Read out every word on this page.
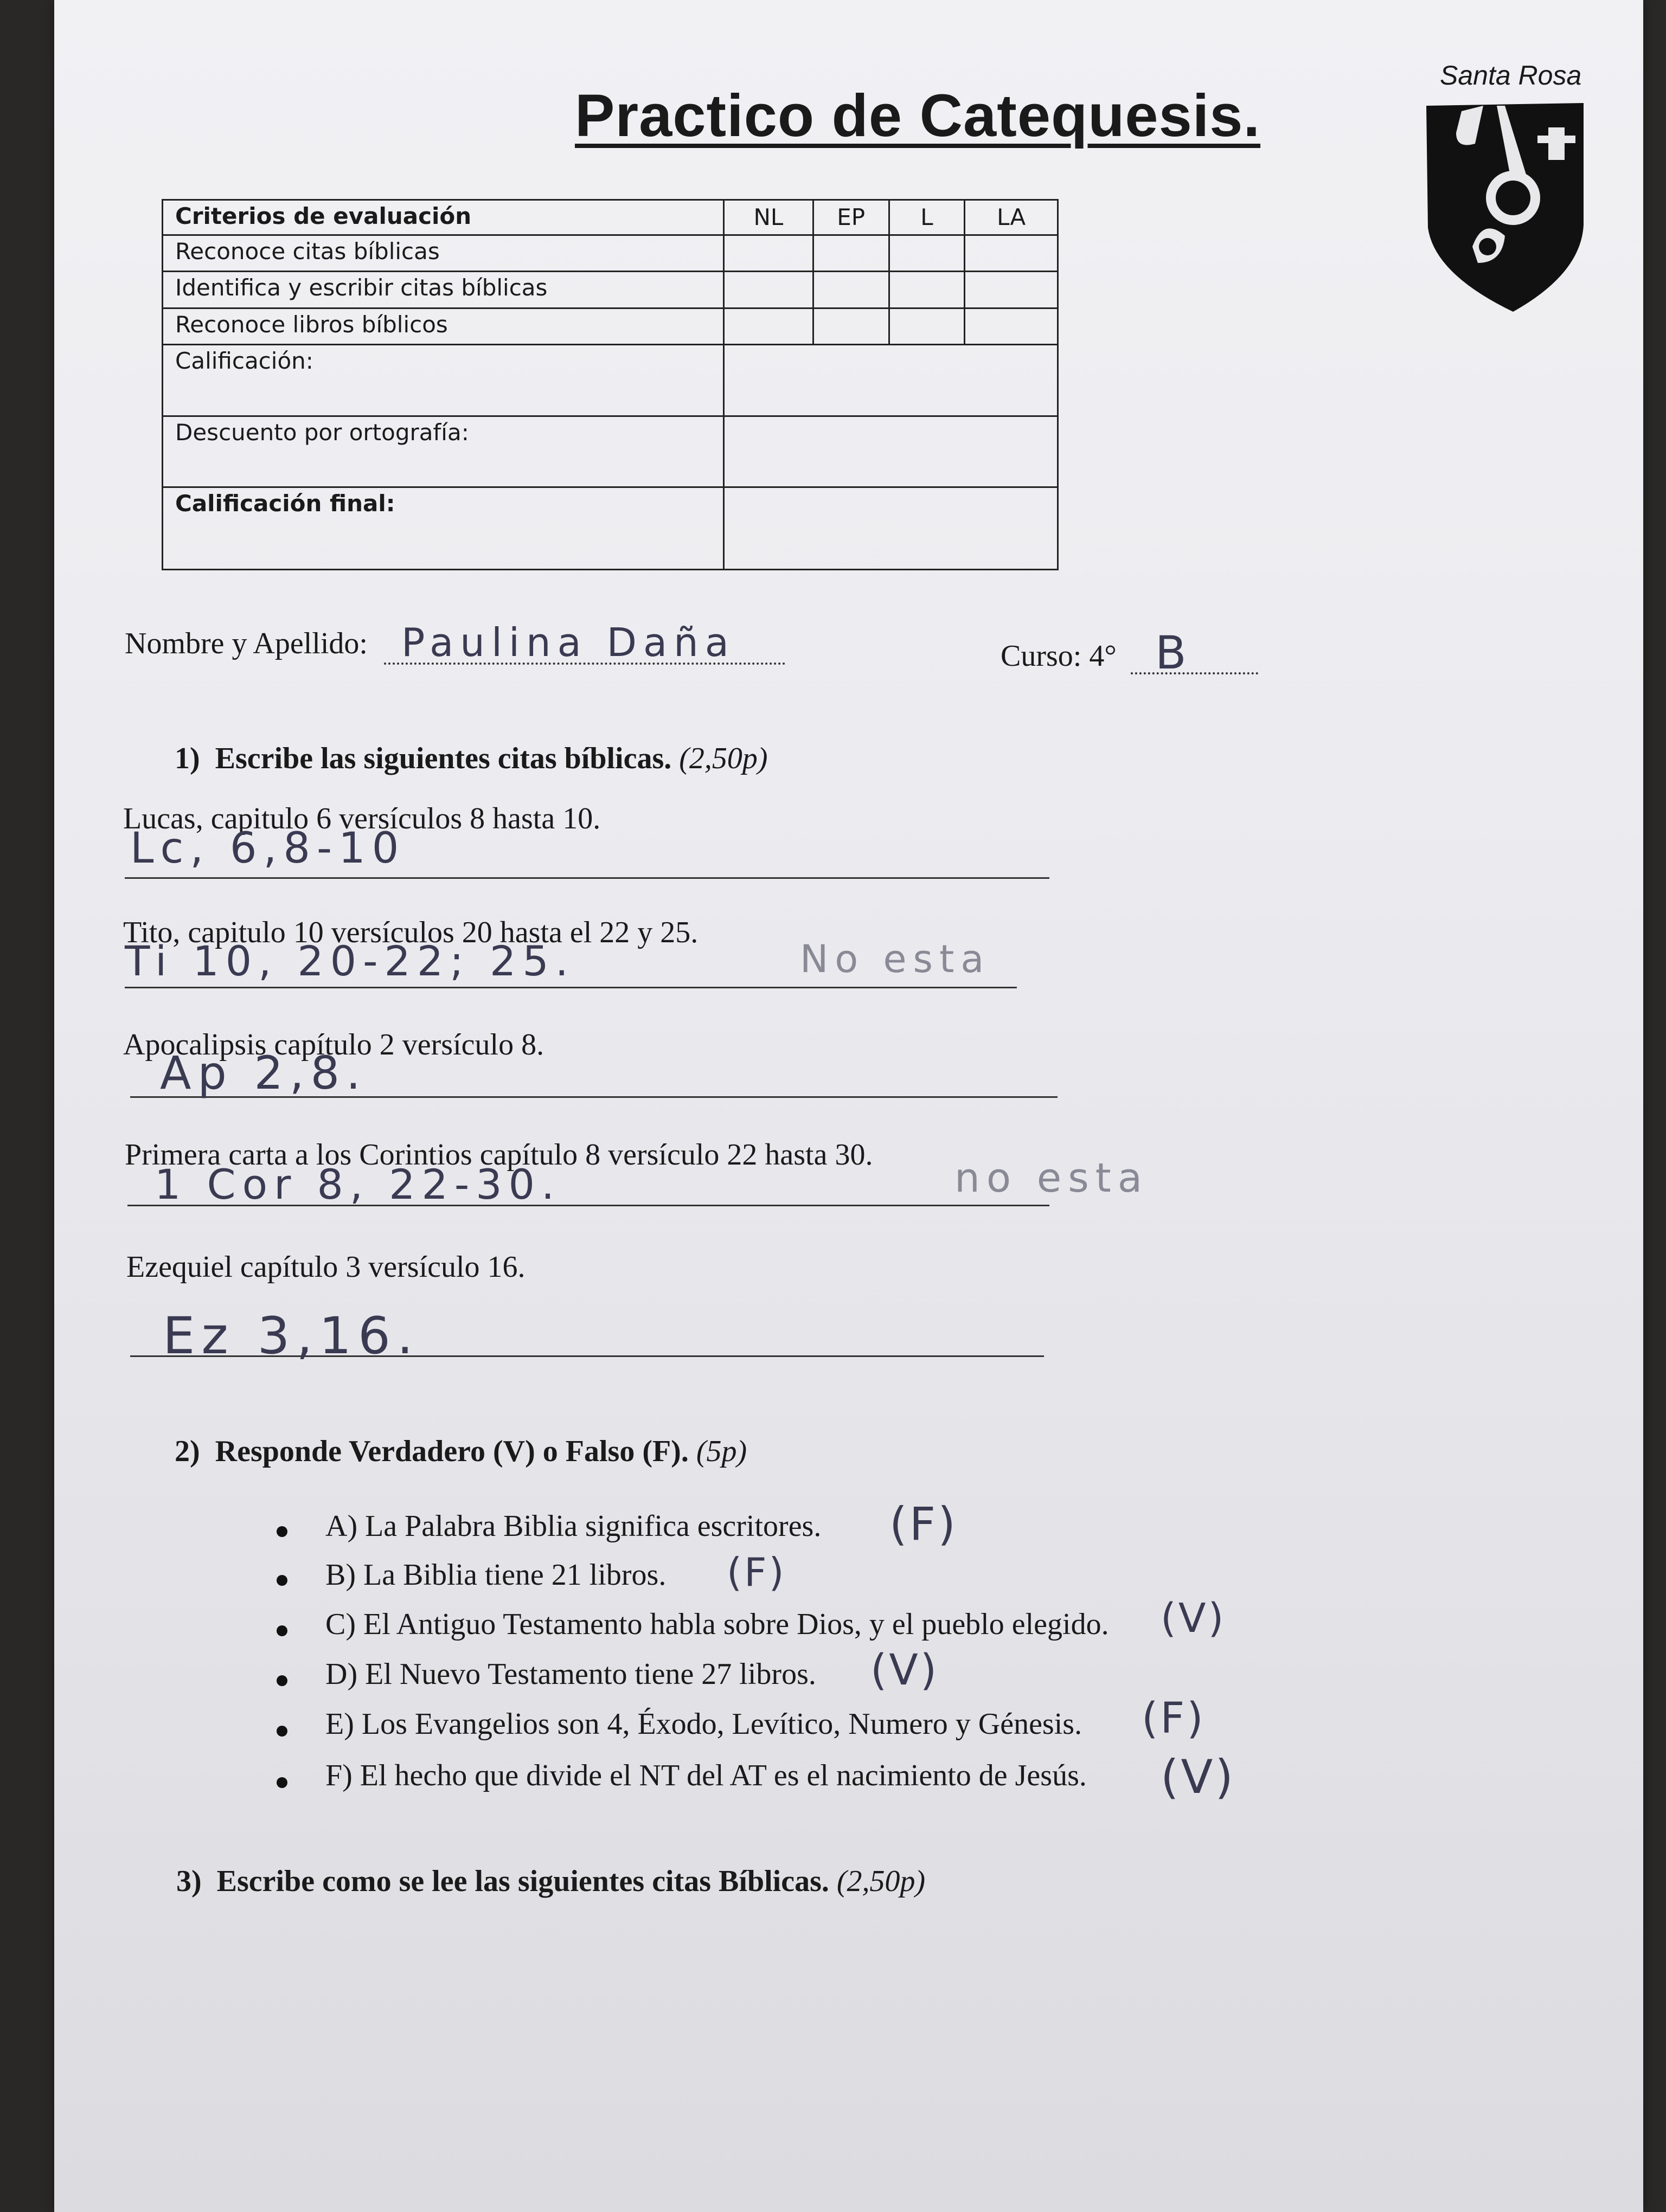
Practico de Catequesis.
Santa Rosa
Criterios de evaluación	NL	EP	L	LA
Reconoce citas bíblicas				
Identifica y escribir citas bíblicas				
Reconoce libros bíblicos				
Calificación:				
Descuento por ortografía:				
Calificación final:				
Nombre y Apellido: Paulina Daña	Curso: 4° B
1) Escribe las siguientes citas bíblicas. (2,50p)
Lucas, capitulo 6 versículos 8 hasta 10.
Lc, 6,8-10
Tito, capitulo 10 versículos 20 hasta el 22 y 25.
Ti 10, 20-22; 25.	No esta
Apocalipsis capítulo 2 versículo 8.
Ap 2,8.
Primera carta a los Corintios capítulo 8 versículo 22 hasta 30.
1 Cor 8, 22-30.	no esta
Ezequiel capítulo 3 versículo 16.
Ez 3,16.
2) Responde Verdadero (V) o Falso (F). (5p)
A) La Palabra Biblia significa escritores. (F)
B) La Biblia tiene 21 libros. (F)
C) El Antiguo Testamento habla sobre Dios, y el pueblo elegido. (V)
D) El Nuevo Testamento tiene 27 libros. (V)
E) Los Evangelios son 4, Éxodo, Levítico, Numero y Génesis. (F)
F) El hecho que divide el NT del AT es el nacimiento de Jesús. (V)
3) Escribe como se lee las siguientes citas Bíblicas. (2,50p)
